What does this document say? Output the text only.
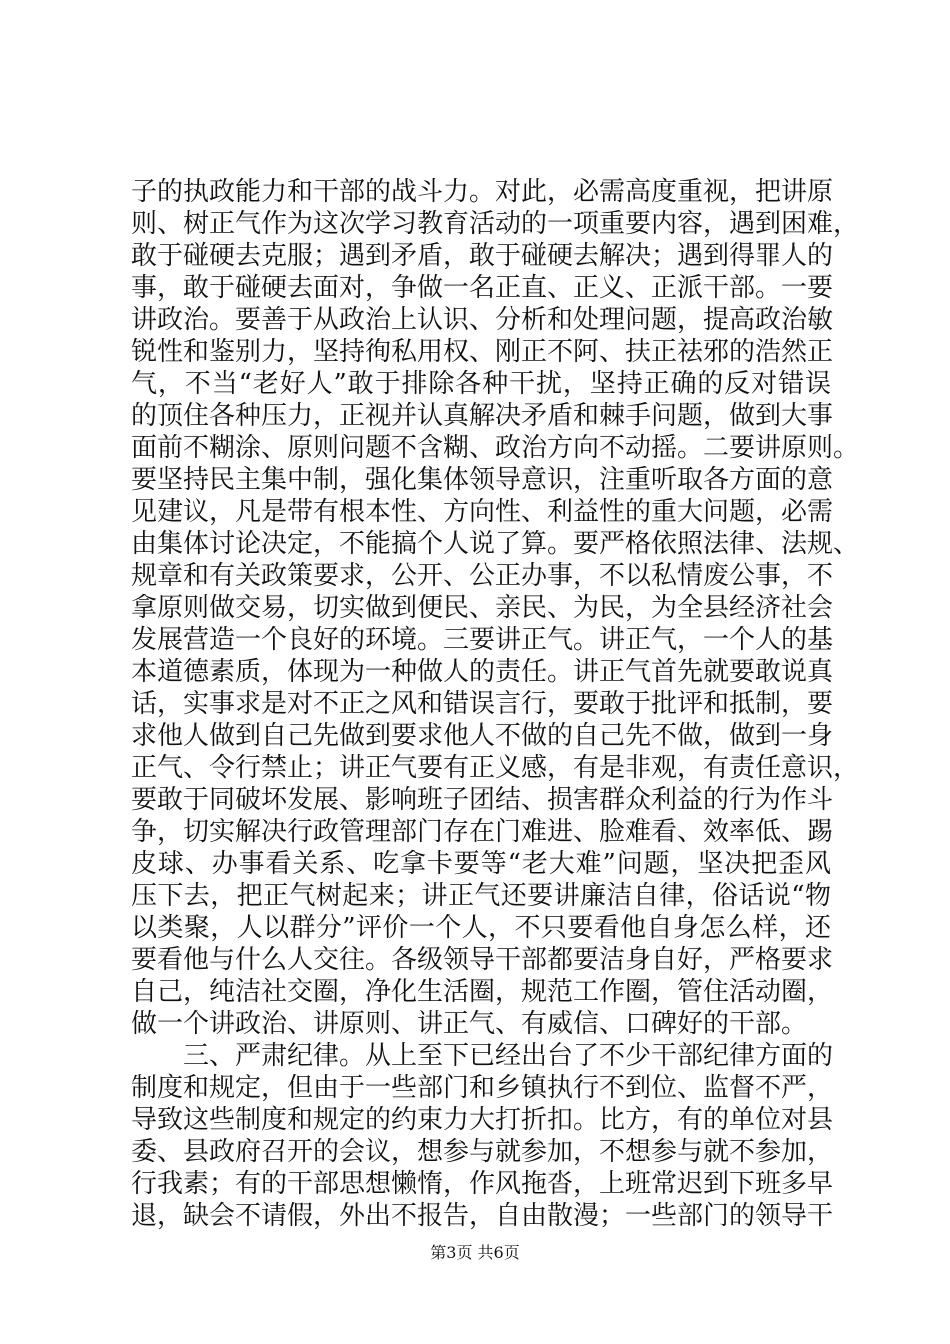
子的执政能力和干部的战斗力。对此，必需高度重视，把讲原
则、树正气作为这次学习教育活动的一项重要内容，遇到困难，
敢于碰硬去克服；遇到矛盾，敢于碰硬去解决；遇到得罪人的
事，敢于碰硬去面对，争做一名正直、正义、正派干部。一要
讲政治。要善于从政治上认识、分析和处理问题，提高政治敏
锐性和鉴别力，坚持徇私用权、刚正不阿、扶正祛邪的浩然正
气，不当“老好人”敢于排除各种干扰，坚持正确的反对错误
的顶住各种压力，正视并认真解决矛盾和棘手问题，做到大事
面前不糊涂、原则问题不含糊、政治方向不动摇。二要讲原则。
要坚持民主集中制，强化集体领导意识，注重听取各方面的意
见建议，凡是带有根本性、方向性、利益性的重大问题，必需
由集体讨论决定，不能搞个人说了算。要严格依照法律、法规、
规章和有关政策要求，公开、公正办事，不以私情废公事，不
拿原则做交易，切实做到便民、亲民、为民，为全县经济社会
发展营造一个良好的环境。三要讲正气。讲正气，一个人的基
本道德素质，体现为一种做人的责任。讲正气首先就要敢说真
话，实事求是对不正之风和错误言行，要敢于批评和抵制，要
求他人做到自己先做到要求他人不做的自己先不做，做到一身
正气、令行禁止；讲正气要有正义感，有是非观，有责任意识，
要敢于同破坏发展、影响班子团结、损害群众利益的行为作斗
争，切实解决行政管理部门存在门难进、脸难看、效率低、踢
皮球、办事看关系、吃拿卡要等“老大难”问题，坚决把歪风
压下去，把正气树起来；讲正气还要讲廉洁自律，俗话说“物
以类聚，人以群分”评价一个人，不只要看他自身怎么样，还
要看他与什么人交往。各级领导干部都要洁身自好，严格要求
自己，纯洁社交圈，净化生活圈，规范工作圈，管住活动圈，
做一个讲政治、讲原则、讲正气、有威信、口碑好的干部。
三、严肃纪律。从上至下已经出台了不少干部纪律方面的
制度和规定，但由于一些部门和乡镇执行不到位、监督不严，
导致这些制度和规定的约束力大打折扣。比方，有的单位对县
委、县政府召开的会议，想参与就参加，不想参与就不参加，
行我素；有的干部思想懒惰，作风拖沓，上班常迟到下班多早
退，缺会不请假，外出不报告，自由散漫；一些部门的领导干
第3页 共6页
